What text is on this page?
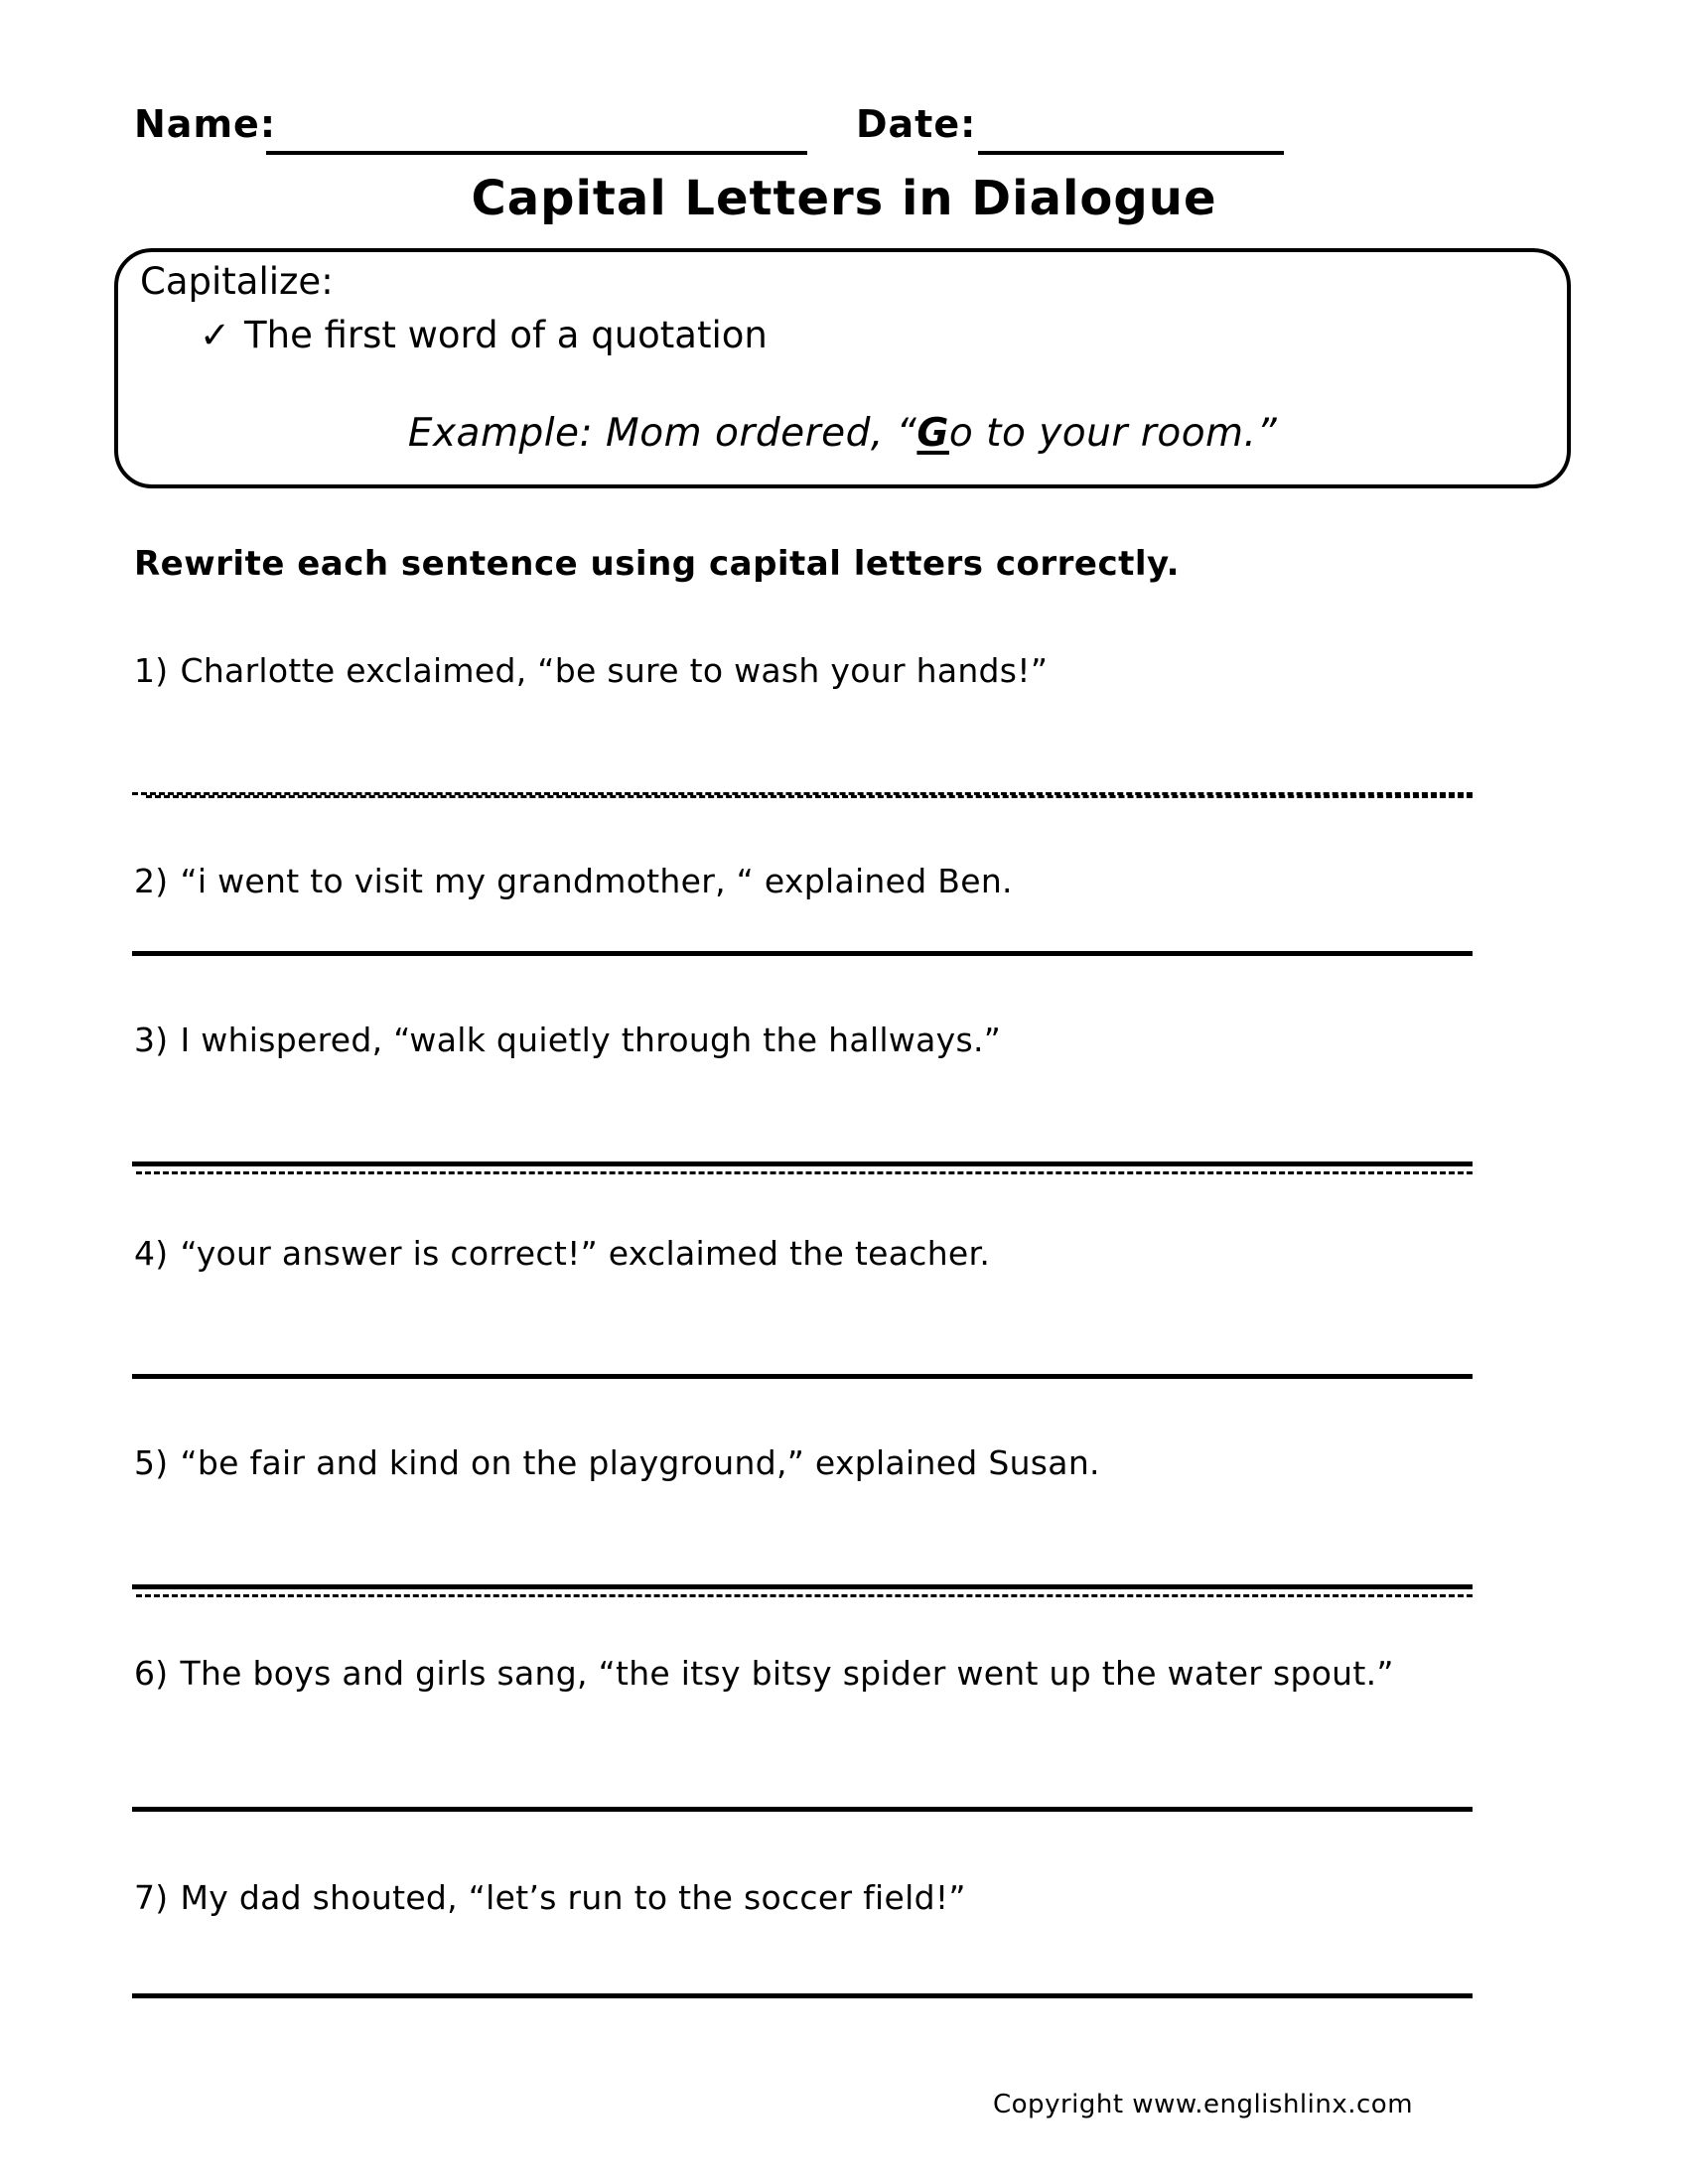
Name:	Date:
Capital Letters in Dialogue
Capitalize:
✓ The first word of a quotation
Example: Mom ordered, “Go to your room.”
Rewrite each sentence using capital letters correctly.
1) Charlotte exclaimed, “be sure to wash your hands!”
2) “i went to visit my grandmother, “ explained Ben.
3) I whispered, “walk quietly through the hallways.”
4) “your answer is correct!” exclaimed the teacher.
5) “be fair and kind on the playground,” explained Susan.
6) The boys and girls sang, “the itsy bitsy spider went up the water spout.”
7) My dad shouted, “let’s run to the soccer field!”
Copyright www.englishlinx.com
